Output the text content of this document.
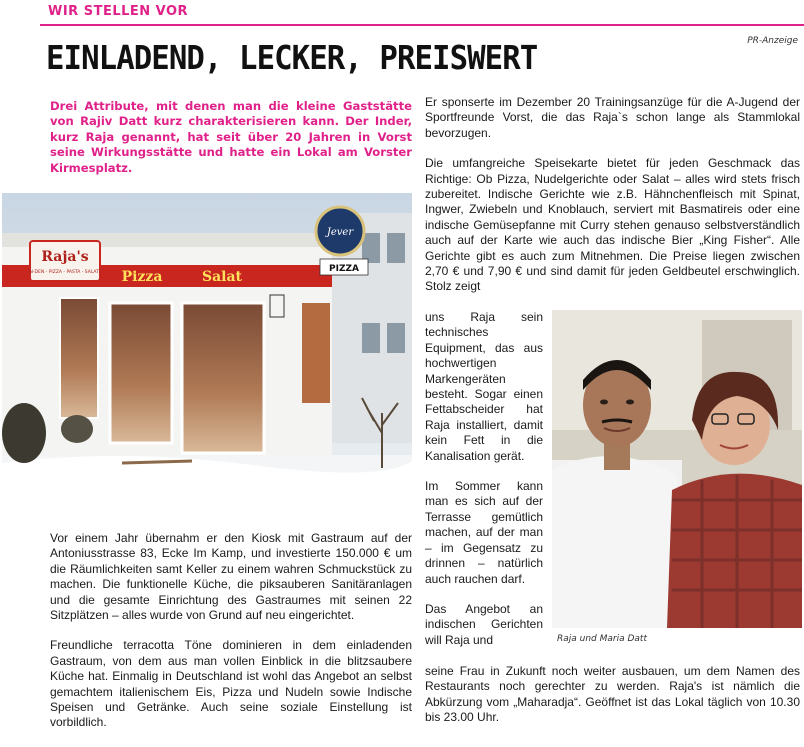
WIR STELLEN VOR
PR-Anzeige
EINLADEND, LECKER, PREISWERT
Drei Attribute, mit denen man die kleine Gaststätte von Rajiv Datt kurz charakterisieren kann. Der Inder, kurz Raja genannt, hat seit über 20 Jahren in Vorst seine Wirkungsstätte und hatte ein Lokal am Vorster Kirmesplatz.
Raja's
IN-DEN - PIZZA - PASTA - SALATE Pizza	Salat
Jever
PIZZA
Raja und Maria Datt

Vor einem Jahr übernahm er den Kiosk mit Gastraum auf der Antoniusstrasse 83, Ecke Im Kamp, und investierte 150.000 € um die Räumlichkeiten samt Keller zu einem wahren Schmuckstück zu machen. Die funktionelle Küche, die piksauberen Sanitäranlagen und die gesamte Einrichtung des Gastraumes mit seinen 22 Sitzplätzen – alles wurde von Grund auf neu eingerichtet.

Freundliche terracotta Töne dominieren in dem einladenden Gastraum, von dem aus man vollen Einblick in die blitzsaubere Küche hat. Einmalig in Deutschland ist wohl das Angebot an selbst gemachtem italienischem Eis, Pizza und Nudeln sowie Indische Speisen und Getränke. Auch seine soziale Einstellung ist vorbildlich.

Er sponserte im Dezember 20 Trainingsanzüge für die A-Jugend der Sportfreunde Vorst, die das Raja`s schon lange als Stammlokal bevorzugen.

Die umfangreiche Speisekarte bietet für jeden Geschmack das Richtige: Ob Pizza, Nudelgerichte oder Salat – alles wird stets frisch zubereitet. Indische Gerichte wie z.B. Hähnchenfleisch mit Spinat, Ingwer, Zwiebeln und Knoblauch, serviert mit Basmatireis oder eine indische Gemüsepfanne mit Curry stehen genauso selbstverständlich auch auf der Karte wie auch das indische Bier „King Fisher“. Alle Gerichte gibt es auch zum Mitnehmen. Die Preise liegen zwischen 2,70 € und 7,90 € und sind damit für jeden Geldbeutel erschwinglich. Stolz zeigt

uns Raja sein technisches Equipment, das aus hochwertigen Markengeräten besteht. Sogar einen Fettabscheider hat Raja installiert, damit kein Fett in die Kanalisation gerät.

Im Sommer kann man es sich auf der Terrasse gemütlich machen, auf der man – im Gegensatz zu drinnen – natürlich auch rauchen darf.

Das Angebot an indischen Gerichten will Raja und

seine Frau in Zukunft noch weiter ausbauen, um dem Namen des Restaurants noch gerechter zu werden. Raja's ist nämlich die Abkürzung vom „Maharadja“. Geöffnet ist das Lokal täglich von 10.30 bis 23.00 Uhr.
